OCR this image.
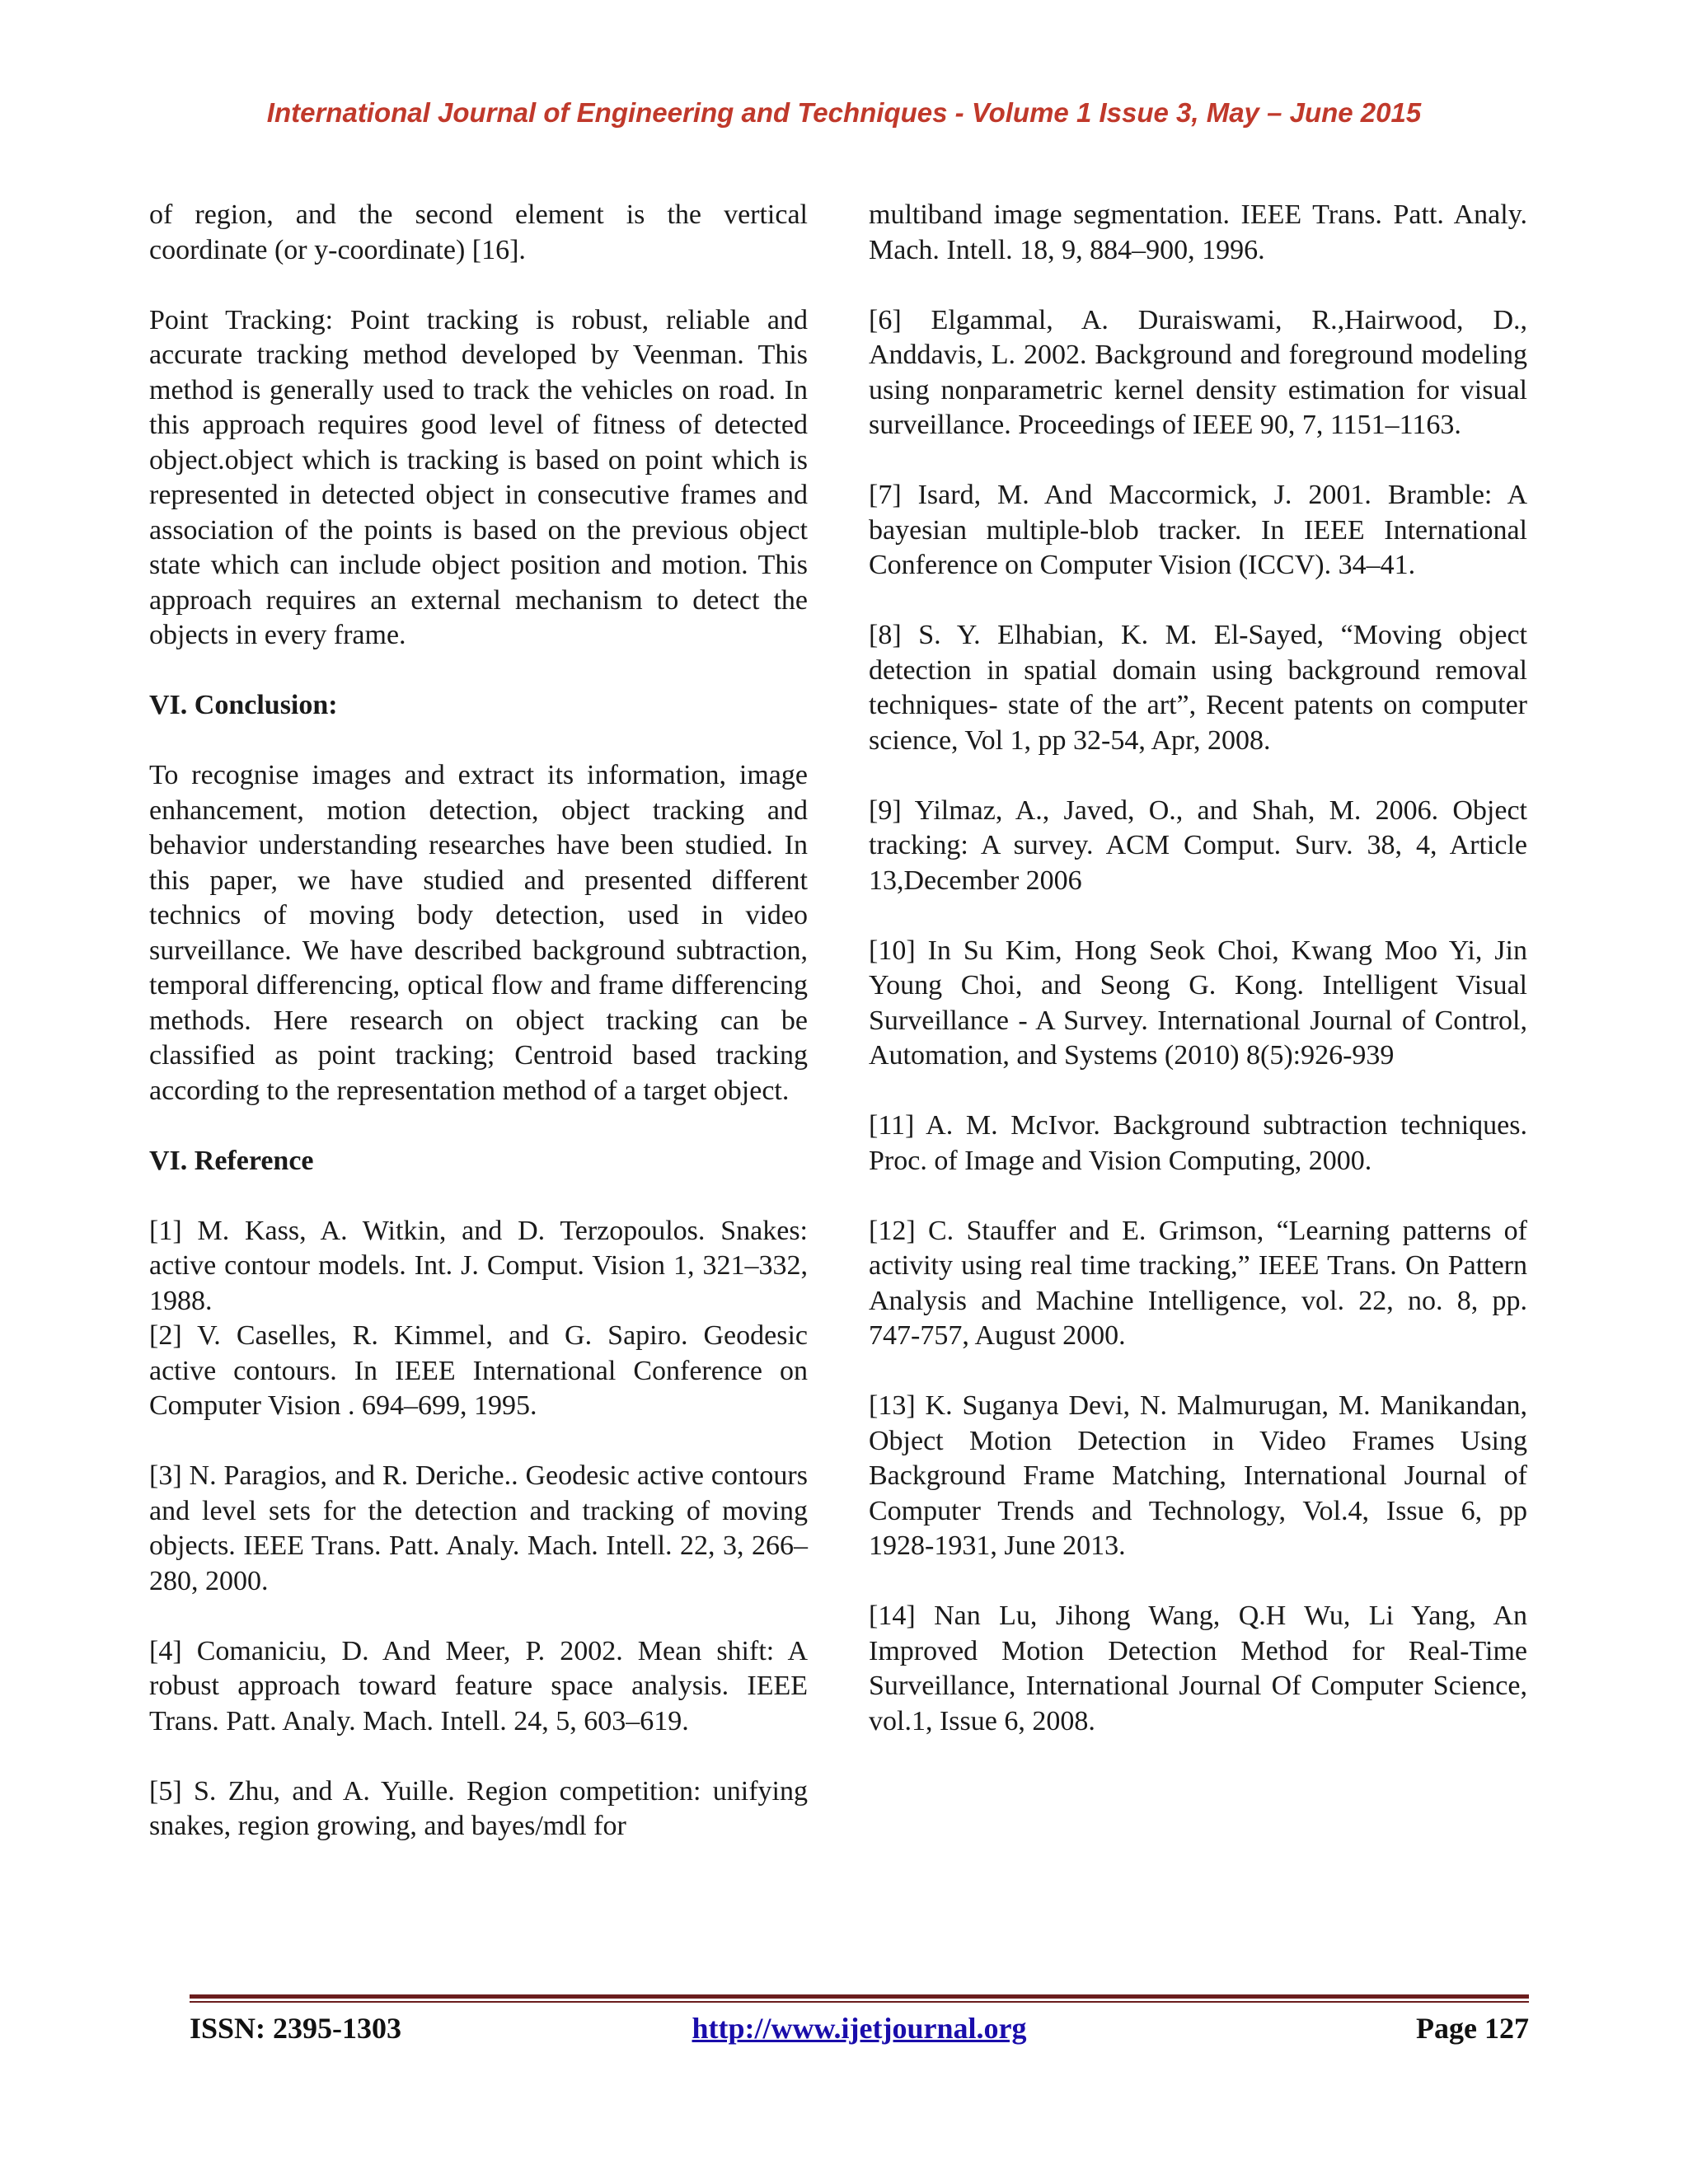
International Journal of Engineering and Techniques - Volume 1 Issue 3, May – June 2015

of region, and the second element is the vertical coordinate (or y-coordinate) [16].

Point Tracking: Point tracking is robust, reliable and accurate tracking method developed by Veenman. This method is generally used to track the vehicles on road. In this approach requires good level of fitness of detected object.object which is tracking is based on point which is represented in detected object in consecutive frames and association of the points is based on the previous object state which can include object position and motion. This approach requires an external mechanism to detect the objects in every frame.

VI. Conclusion:

To recognise images and extract its information, image enhancement, motion detection, object tracking and behavior understanding researches have been studied. In this paper, we have studied and presented different technics of moving body detection, used in video surveillance. We have described background subtraction, temporal differencing, optical flow and frame differencing methods. Here research on object tracking can be classified as point tracking; Centroid based tracking according to the representation method of a target object.

VI. Reference

[1] M. Kass, A. Witkin, and D. Terzopoulos. Snakes: active contour models. Int. J. Comput. Vision 1, 321–332, 1988.

[2] V. Caselles, R. Kimmel, and G. Sapiro. Geodesic active contours. In IEEE International Conference on Computer Vision . 694–699, 1995.

[3] N. Paragios, and R. Deriche.. Geodesic active contours and level sets for the detection and tracking of moving objects. IEEE Trans. Patt. Analy. Mach. Intell. 22, 3, 266–280, 2000.

[4] Comaniciu, D. And Meer, P. 2002. Mean shift: A robust approach toward feature space analysis. IEEE Trans. Patt. Analy. Mach. Intell. 24, 5, 603–619.

[5] S. Zhu, and A. Yuille. Region competition: unifying snakes, region growing, and bayes/mdl for

multiband image segmentation. IEEE Trans. Patt. Analy. Mach. Intell. 18, 9, 884–900, 1996.

[6] Elgammal, A. Duraiswami, R.,Hairwood, D., Anddavis, L. 2002. Background and foreground modeling using nonparametric kernel density estimation for visual surveillance. Proceedings of IEEE 90, 7, 1151–1163.

[7] Isard, M. And Maccormick, J. 2001. Bramble: A bayesian multiple-blob tracker. In IEEE International Conference on Computer Vision (ICCV). 34–41.

[8] S. Y. Elhabian, K. M. El-Sayed, “Moving object detection in spatial domain using background removal techniques- state of the art”, Recent patents on computer science, Vol 1, pp 32-54, Apr, 2008.

[9] Yilmaz, A., Javed, O., and Shah, M. 2006. Object tracking: A survey. ACM Comput. Surv. 38, 4, Article 13,December 2006

[10] In Su Kim, Hong Seok Choi, Kwang Moo Yi, Jin Young Choi, and Seong G. Kong. Intelligent Visual Surveillance - A Survey. International Journal of Control, Automation, and Systems (2010) 8(5):926-939

[11] A. M. McIvor. Background subtraction techniques. Proc. of Image and Vision Computing, 2000.

[12] C. Stauffer and E. Grimson, “Learning patterns of activity using real time tracking,” IEEE Trans. On Pattern Analysis and Machine Intelligence, vol. 22, no. 8, pp. 747-757, August 2000.

[13] K. Suganya Devi, N. Malmurugan, M. Manikandan, Object Motion Detection in Video Frames Using Background Frame Matching, International Journal of Computer Trends and Technology, Vol.4, Issue 6, pp 1928-1931, June 2013.

[14] Nan Lu, Jihong Wang, Q.H Wu, Li Yang, An Improved Motion Detection Method for Real-Time Surveillance, International Journal Of Computer Science, vol.1, Issue 6, 2008.

ISSN: 2395-1303	http://www.ijetjournal.org	Page 127
